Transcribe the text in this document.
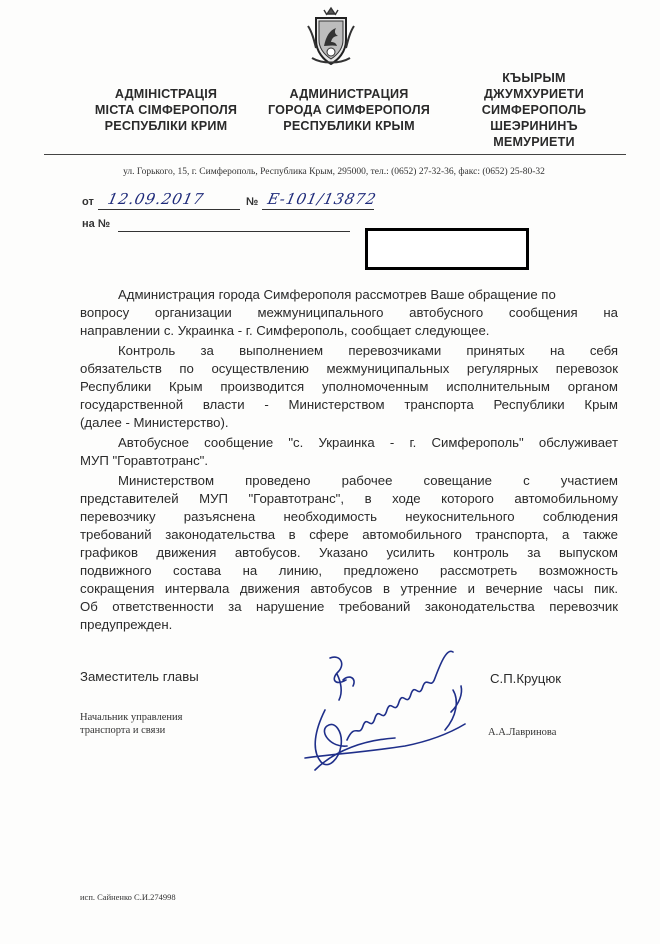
АДМІНІСТРАЦІЯ
МІСТА СІМФЕРОПОЛЯ
РЕСПУБЛІКИ КРИМ
АДМИНИСТРАЦИЯ
ГОРОДА СИМФЕРОПОЛЯ
РЕСПУБЛИКИ КРЫМ
КЪЫРЫМ
ДЖУМХУРИЕТИ
СИМФЕРОПОЛЬ
ШЕЭРИНИНЪ
МЕМУРИЕТИ
ул. Горького, 15, г. Симферополь, Республика Крым, 295000, тел.: (0652) 27-32-36, факс: (0652) 25-80-32
от 12.09.2017	№ Е-101/13872
на №
Администрация города Симферополя рассмотрев Ваше обращение по
вопросу организации межмуниципального автобусного сообщения на
направлении с. Украинка - г. Симферополь, сообщает следующее.
Контроль за выполнением перевозчиками принятых на себя
обязательств по осуществлению межмуниципальных регулярных перевозок
Республики Крым производится уполномоченным исполнительным органом
государственной власти - Министерством транспорта Республики Крым
(далее - Министерство).
Автобусное сообщение "с. Украинка - г. Симферополь" обслуживает
МУП "Горавтотранс".
Министерством проведено рабочее совещание с участием
представителей МУП "Горавтотранс", в ходе которого автомобильному
перевозчику разъяснена необходимость неукоснительного соблюдения
требований законодательства в сфере автомобильного транспорта, а также
графиков движения автобусов. Указано усилить контроль за выпуском
подвижного состава на линию, предложено рассмотреть возможность
сокращения интервала движения автобусов в утренние и вечерние часы пик.
Об ответственности за нарушение требований законодательства перевозчик
предупрежден.
Заместитель главы	С.П.Круцюк
Начальник управления
транспорта и связи	А.А.Лавринова
исп. Сайненко С.И.274998
